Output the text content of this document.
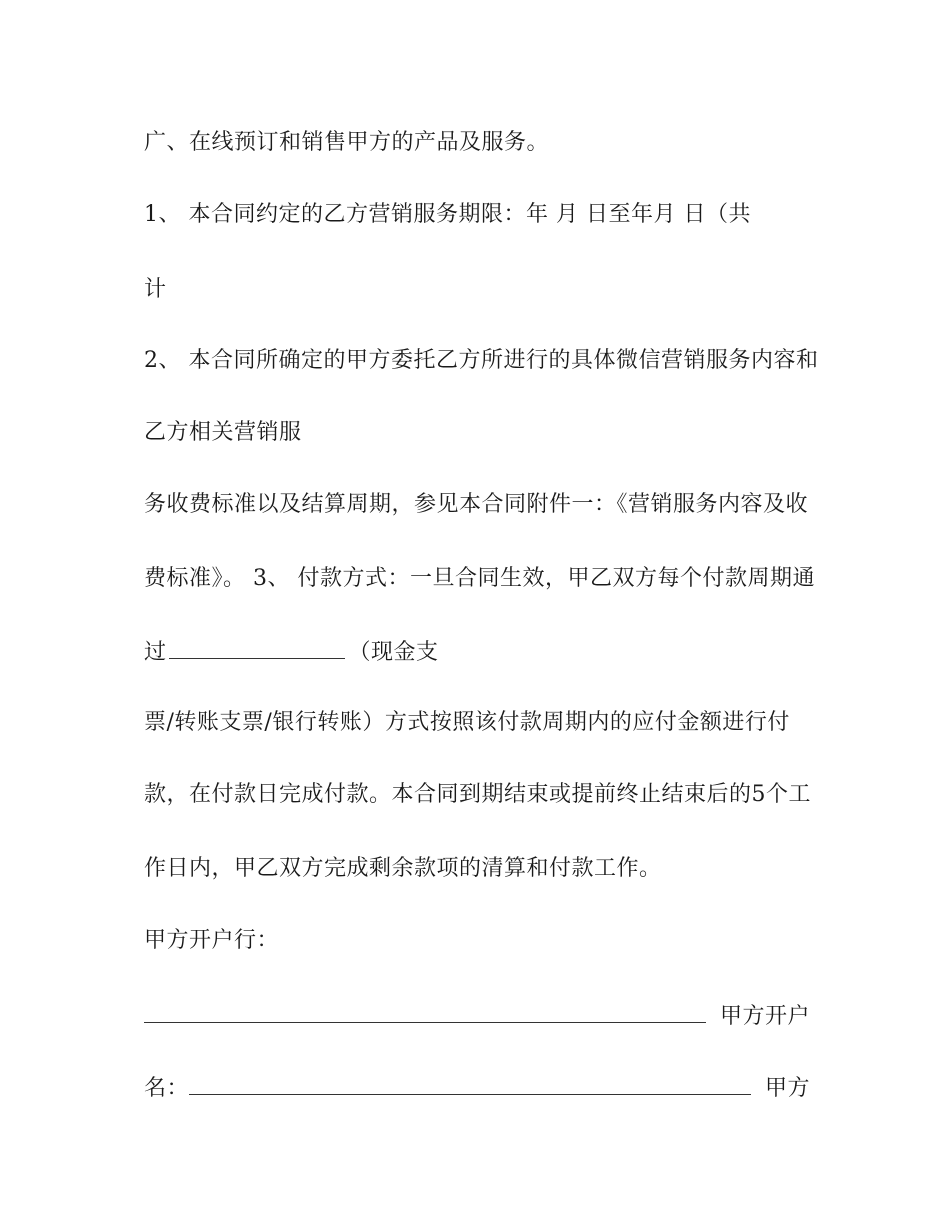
广、在线预订和销售甲方的产品及服务。
1、 本合同约定的乙方营销服务期限：年 月 日至年月 日（共
计
2、 本合同所确定的甲方委托乙方所进行的具体微信营销服务内容和
乙方相关营销服
务收费标准以及结算周期，参见本合同附件一：《营销服务内容及收
费标准》。 3、 付款方式：一旦合同生效，甲乙双方每个付款周期通
过	（现金支
票/转账支票/银行转账）方式按照该付款周期内的应付金额进行付
款，在付款日完成付款。本合同到期结束或提前终止结束后的5个工
作日内，甲乙双方完成剩余款项的清算和付款工作。
甲方开户行：
甲方开户
名：	甲方
